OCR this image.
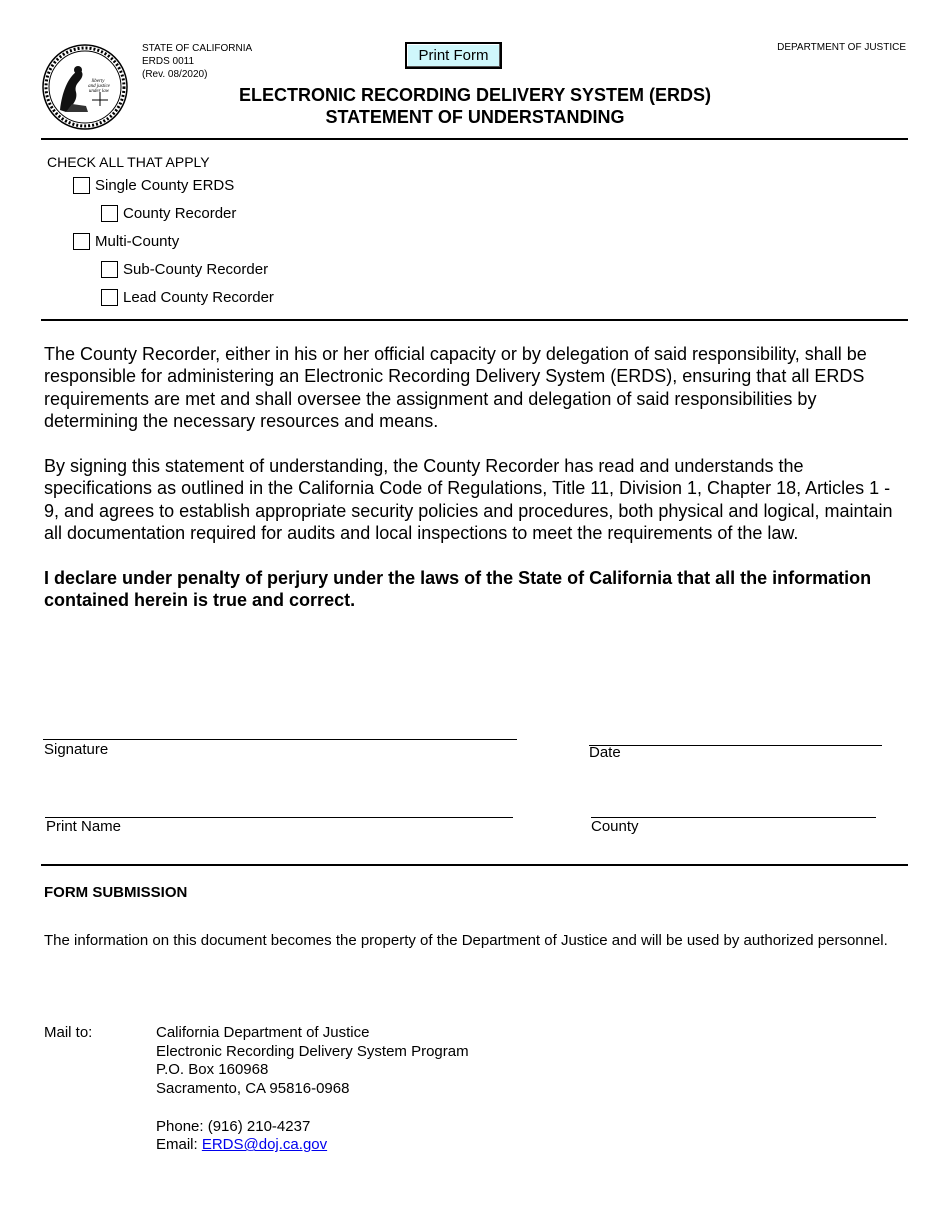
liberty
and justice
under law
STATE OF CALIFORNIA
ERDS 0011
(Rev. 08/2020)
Print Form	DEPARTMENT OF JUSTICE
ELECTRONIC RECORDING DELIVERY SYSTEM (ERDS)
STATEMENT OF UNDERSTANDING
CHECK ALL THAT APPLY
Single County ERDS
County Recorder
Multi-County
Sub-County Recorder
Lead County Recorder
The County Recorder, either in his or her official capacity or by delegation of said responsibility, shall be responsible for administering an Electronic Recording Delivery System (ERDS), ensuring that all ERDS requirements are met and shall oversee the assignment and delegation of said responsibilities by determining the necessary resources and means.
By signing this statement of understanding, the County Recorder has read and understands the specifications as outlined in the California Code of Regulations, Title 11, Division 1, Chapter 18, Articles 1 - 9, and agrees to establish appropriate security policies and procedures, both physical and logical, maintain all documentation required for audits and local inspections to meet the requirements of the law.
I declare under penalty of perjury under the laws of the State of California that all the information contained herein is true and correct.
Signature	Date
Print Name	County
FORM SUBMISSION
The information on this document becomes the property of the Department of Justice and will be used by authorized personnel.
Mail to:	California Department of Justice
Electronic Recording Delivery System Program
P.O. Box 160968
Sacramento, CA 95816-0968
Phone: (916) 210-4237
Email: ERDS@doj.ca.gov
